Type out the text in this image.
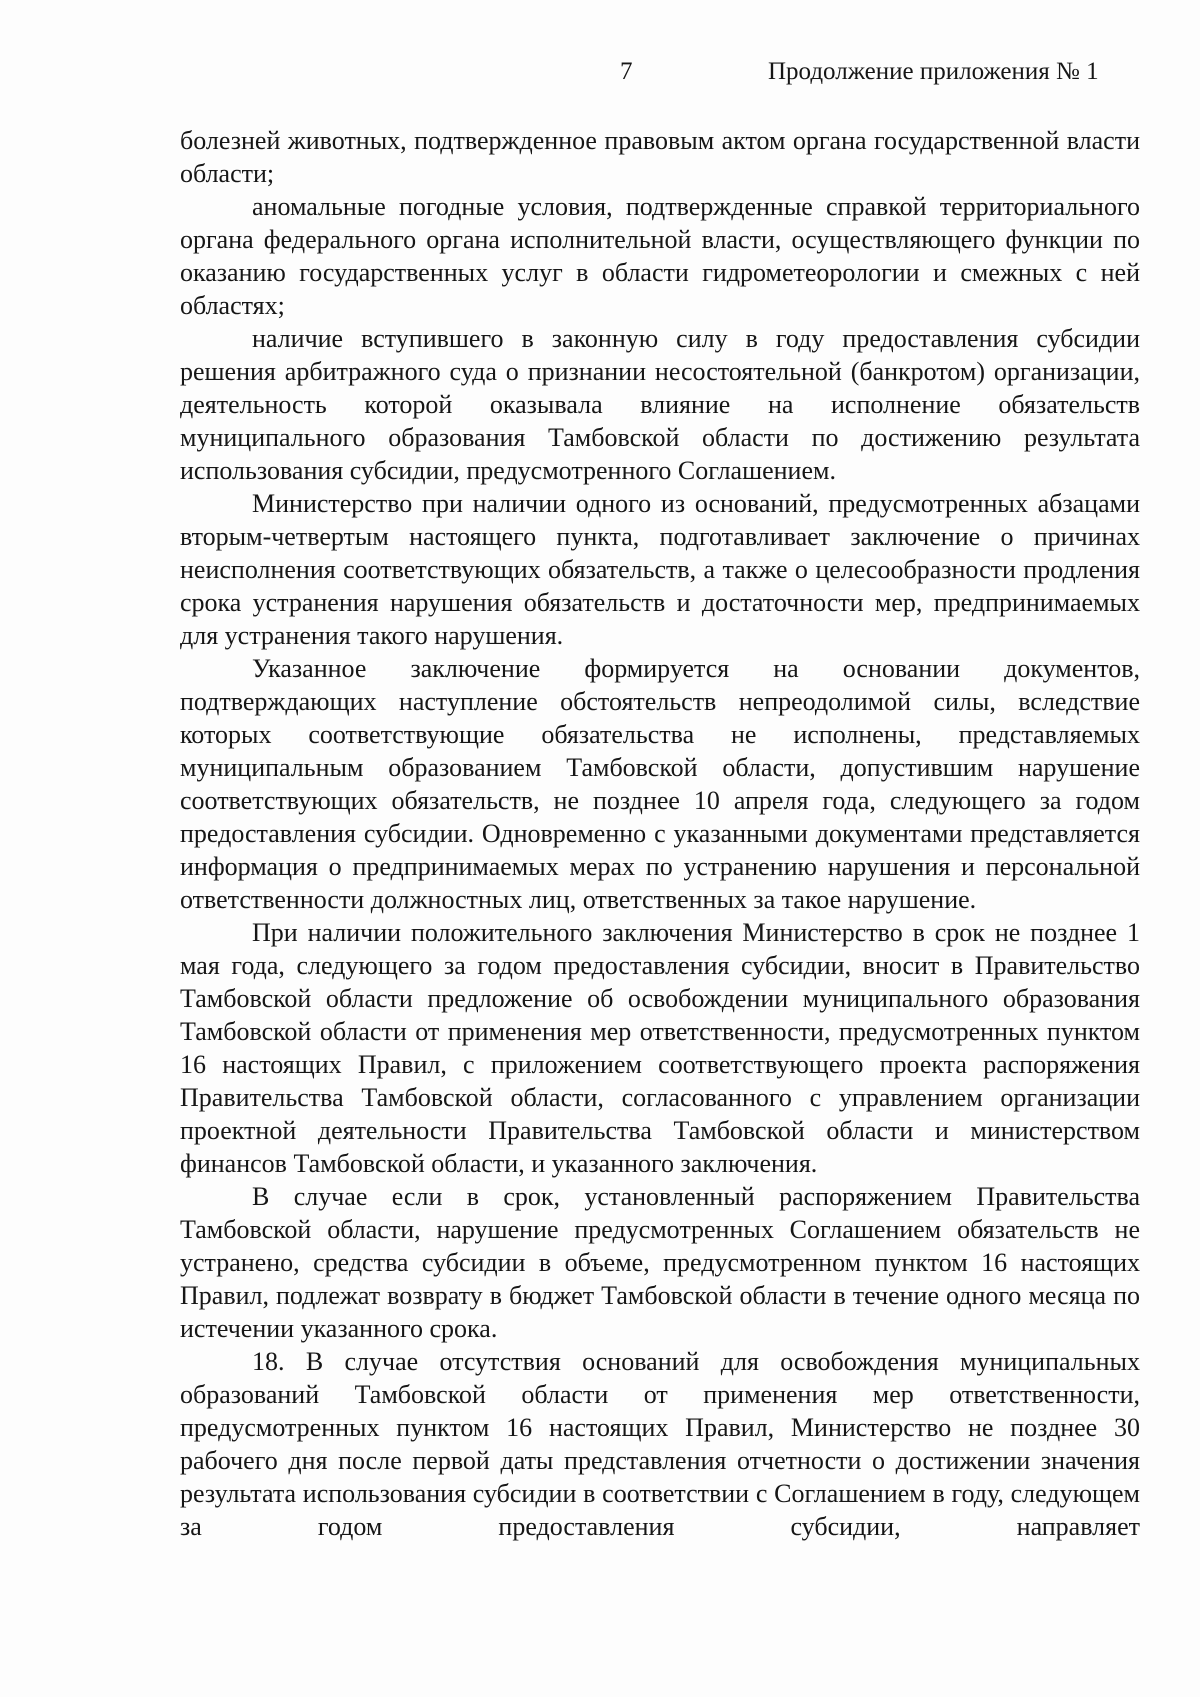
7	Продолжение приложения № 1

болезней животных, подтвержденное правовым актом органа государственной власти области;

аномальные погодные условия, подтвержденные справкой территориального органа федерального органа исполнительной власти, осуществляющего функции по оказанию государственных услуг в области гидрометеорологии и смежных с ней областях;

наличие вступившего в законную силу в году предоставления субсидии решения арбитражного суда о признании несостоятельной (банкротом) организации, деятельность которой оказывала влияние на исполнение обязательств муниципального образования Тамбовской области по достижению результата использования субсидии, предусмотренного Соглашением.

Министерство при наличии одного из оснований, предусмотренных абзацами вторым-четвертым настоящего пункта, подготавливает заключение о причинах неисполнения соответствующих обязательств, а также о целесообразности продления срока устранения нарушения обязательств и достаточности мер, предпринимаемых для устранения такого нарушения.

Указанное заключение формируется на основании документов, подтверждающих наступление обстоятельств непреодолимой силы, вследствие которых соответствующие обязательства не исполнены, представляемых муниципальным образованием Тамбовской области, допустившим нарушение соответствующих обязательств, не позднее 10 апреля года, следующего за годом предоставления субсидии. Одновременно с указанными документами представляется информация о предпринимаемых мерах по устранению нарушения и персональной ответственности должностных лиц, ответственных за такое нарушение.

При наличии положительного заключения Министерство в срок не позднее 1 мая года, следующего за годом предоставления субсидии, вносит в Правительство Тамбовской области предложение об освобождении муниципального образования Тамбовской области от применения мер ответственности, предусмотренных пунктом 16 настоящих Правил, с приложением соответствующего проекта распоряжения Правительства Тамбовской области, согласованного с управлением организации проектной деятельности Правительства Тамбовской области и министерством финансов Тамбовской области, и указанного заключения.

В случае если в срок, установленный распоряжением Правительства Тамбовской области, нарушение предусмотренных Соглашением обязательств не устранено, средства субсидии в объеме, предусмотренном пунктом 16 настоящих Правил, подлежат возврату в бюджет Тамбовской области в течение одного месяца по истечении указанного срока.

18. В случае отсутствия оснований для освобождения муниципальных образований Тамбовской области от применения мер ответственности, предусмотренных пунктом 16 настоящих Правил, Министерство не позднее 30 рабочего дня после первой даты представления отчетности о достижении значения результата использования субсидии в соответствии с Соглашением в году, следующем за годом предоставления субсидии, направляет
